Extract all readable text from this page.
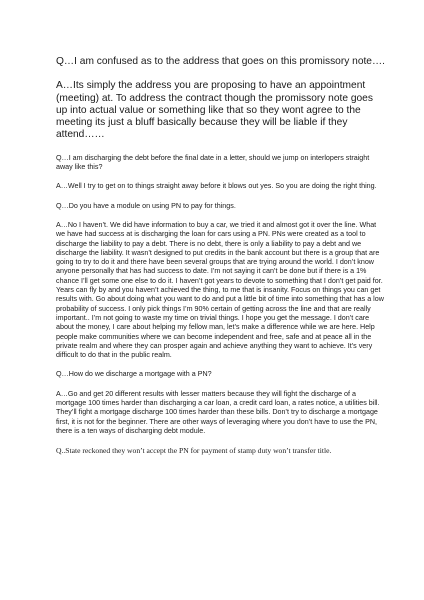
Q…I am confused as to the address that goes on this promissory note….

A…Its simply the address you are proposing to have an appointment (meeting) at. To address the contract though the promissory note goes up into actual value or something like that so they wont agree to the meeting its just a bluff basically because they will be liable if they attend……

Q…I am discharging the debt before the final date in a letter, should we jump on interlopers straight away like this?

A…Well I try to get on to things straight away before it blows out yes. So you are doing the right thing.

Q…Do you have a module on using PN to pay for things.

A…No I haven’t. We did have information to buy a car, we tried it and almost got it over the line. What we have had success at is discharging the loan for cars using a PN. PNs were created as a tool to discharge the liability to pay a debt. There is no debt, there is only a liability to pay a debt and we discharge the liability. It wasn’t designed to put credits in the bank account but there is a group that are going to try to do it and there have been several groups that are trying around the world. I don’t know anyone personally that has had success to date. I’m not saying it can’t be done but if there is a 1% chance I’ll get some one else to do it. I haven’t got years to devote to something that I don’t get paid for. Years can fly by and you haven’t achieved the thing, to me that is insanity. Focus on things you can get results with. Go about doing what you want to do and put a little bit of time into something that has a low probability of success. I only pick things I’m 90% certain of getting across the line and that are really important.. I’m not going to waste my time on trivial things. I hope you get the message. I don’t care about the money, I care about helping my fellow man, let’s make a difference while we are here. Help people make communities where we can become independent and free, safe and at peace all in the private realm and where they can prosper again and achieve anything they want to achieve. It’s very difficult to do that in the public realm.

Q…How do we discharge a mortgage with a PN?

A…Go and get 20 different results with lesser matters because they will fight the discharge of a mortgage 100 times harder than discharging a car loan, a credit card loan, a rates notice, a utilities bill. They’ll fight a mortgage discharge 100 times harder than these bills. Don’t try to discharge a mortgage first, it is not for the beginner. There are other ways of leveraging where you don’t have to use the PN, there is a ten ways of discharging debt module.

Q..State reckoned they won’t accept the PN for payment of stamp duty won’t transfer title.
